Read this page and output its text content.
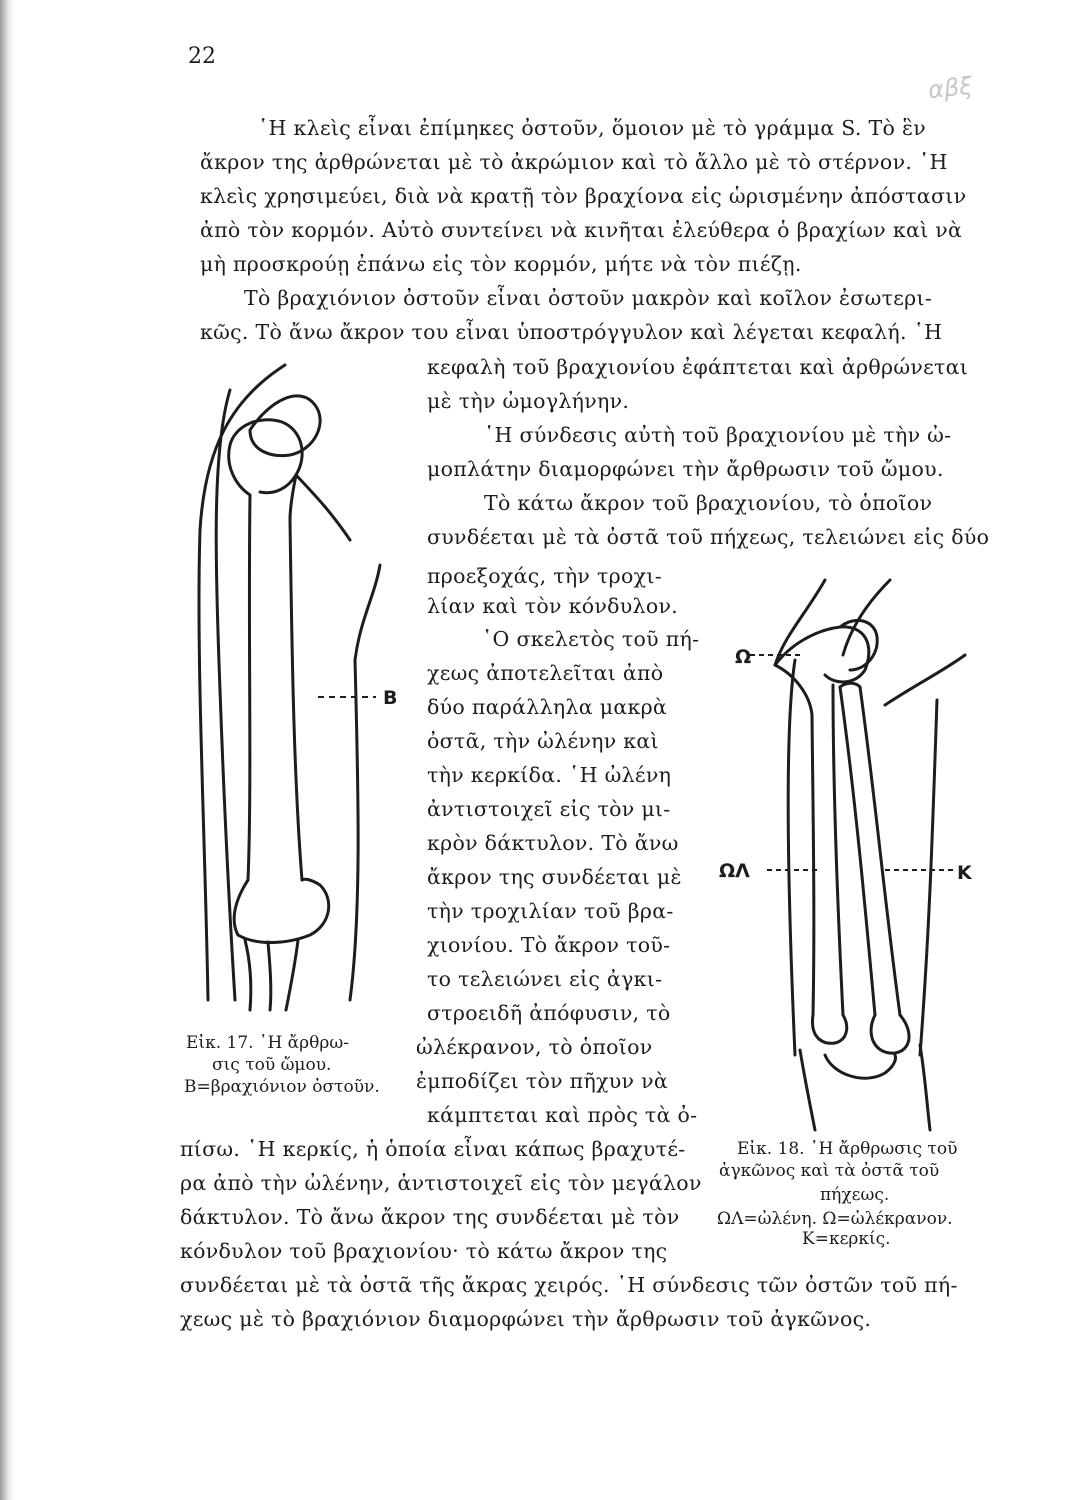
22
αβξ
῾Η κλεὶς εἶναι ἐπίμηκες ὀστοῦν, ὅμοιον μὲ τὸ γράμμα S. Τὸ ἓν
ἄκρον της ἀρθρώνεται μὲ τὸ ἀκρώμιον καὶ τὸ ἄλλο μὲ τὸ στέρνον. ῾Η
κλεὶς χρησιμεύει, διὰ νὰ κρατῇ τὸν βραχίονα εἰς ὡρισμένην ἀπόστασιν
ἀπὸ τὸν κορμόν. Αὐτὸ συντείνει νὰ κινῆται ἐλεύθερα ὁ βραχίων καὶ νὰ
μὴ προσκρούῃ ἐπάνω εἰς τὸν κορμόν, μήτε νὰ τὸν πιέζῃ.
Τὸ βραχιόνιον ὀστοῦν εἶναι ὀστοῦν μακρὸν καὶ κοῖλον ἐσωτερι-
κῶς. Τὸ ἄνω ἄκρον του εἶναι ὑποστρόγγυλον καὶ λέγεται κεφαλή. ῾Η
κεφαλὴ τοῦ βραχιονίου ἐφάπτεται καὶ ἀρθρώνεται
μὲ τὴν ὠμογλήνην.
῾Η σύνδεσις αὐτὴ τοῦ βραχιονίου μὲ τὴν ὠ-
μοπλάτην διαμορφώνει τὴν ἄρθρωσιν τοῦ ὤμου.
Τὸ κάτω ἄκρον τοῦ βραχιονίου, τὸ ὁποῖον
συνδέεται μὲ τὰ ὀστᾶ τοῦ πήχεως, τελειώνει εἰς δύο
προεξοχάς, τὴν τροχι-
λίαν καὶ τὸν κόνδυλον.
῾Ο σκελετὸς τοῦ πή-
χεως ἀποτελεῖται ἀπὸ
δύο παράλληλα μακρὰ
ὀστᾶ, τὴν ὠλένην καὶ
τὴν κερκίδα. ῾Η ὠλένη
ἀντιστοιχεῖ εἰς τὸν μι-
κρὸν δάκτυλον. Τὸ ἄνω
ἄκρον της συνδέεται μὲ
τὴν τροχιλίαν τοῦ βρα-
χιονίου. Τὸ ἄκρον τοῦ-
το τελειώνει εἰς ἀγκι-
στροειδῆ ἀπόφυσιν, τὸ
ὠλέκρανον, τὸ ὁποῖον
ἐμποδίζει τὸν πῆχυν νὰ
κάμπτεται καὶ πρὸς τὰ ὀ-
πίσω. ῾Η κερκίς, ἡ ὁποία εἶναι κάπως βραχυτέ-
ρα ἀπὸ τὴν ὠλένην, ἀντιστοιχεῖ εἰς τὸν μεγάλον
δάκτυλον. Τὸ ἄνω ἄκρον της συνδέεται μὲ τὸν
κόνδυλον τοῦ βραχιονίου· τὸ κάτω ἄκρον της
συνδέεται μὲ τὰ ὀστᾶ τῆς ἄκρας χειρός. ῾Η σύνδεσις τῶν ὀστῶν τοῦ πή-
χεως μὲ τὸ βραχιόνιον διαμορφώνει τὴν ἄρθρωσιν τοῦ ἀγκῶνος.
B
Εἰκ. 17. ῾Η ἄρθρω-
σις τοῦ ὤμου.
Β=βραχιόνιον ὀστοῦν.
Ω
ΩΛ	K
Εἰκ. 18. ῾Η ἄρθρωσις τοῦ
ἀγκῶνος καὶ τὰ ὀστᾶ τοῦ
πήχεως.
ΩΛ=ὠλένη. Ω=ὠλέκρανον.
Κ=κερκίς.
